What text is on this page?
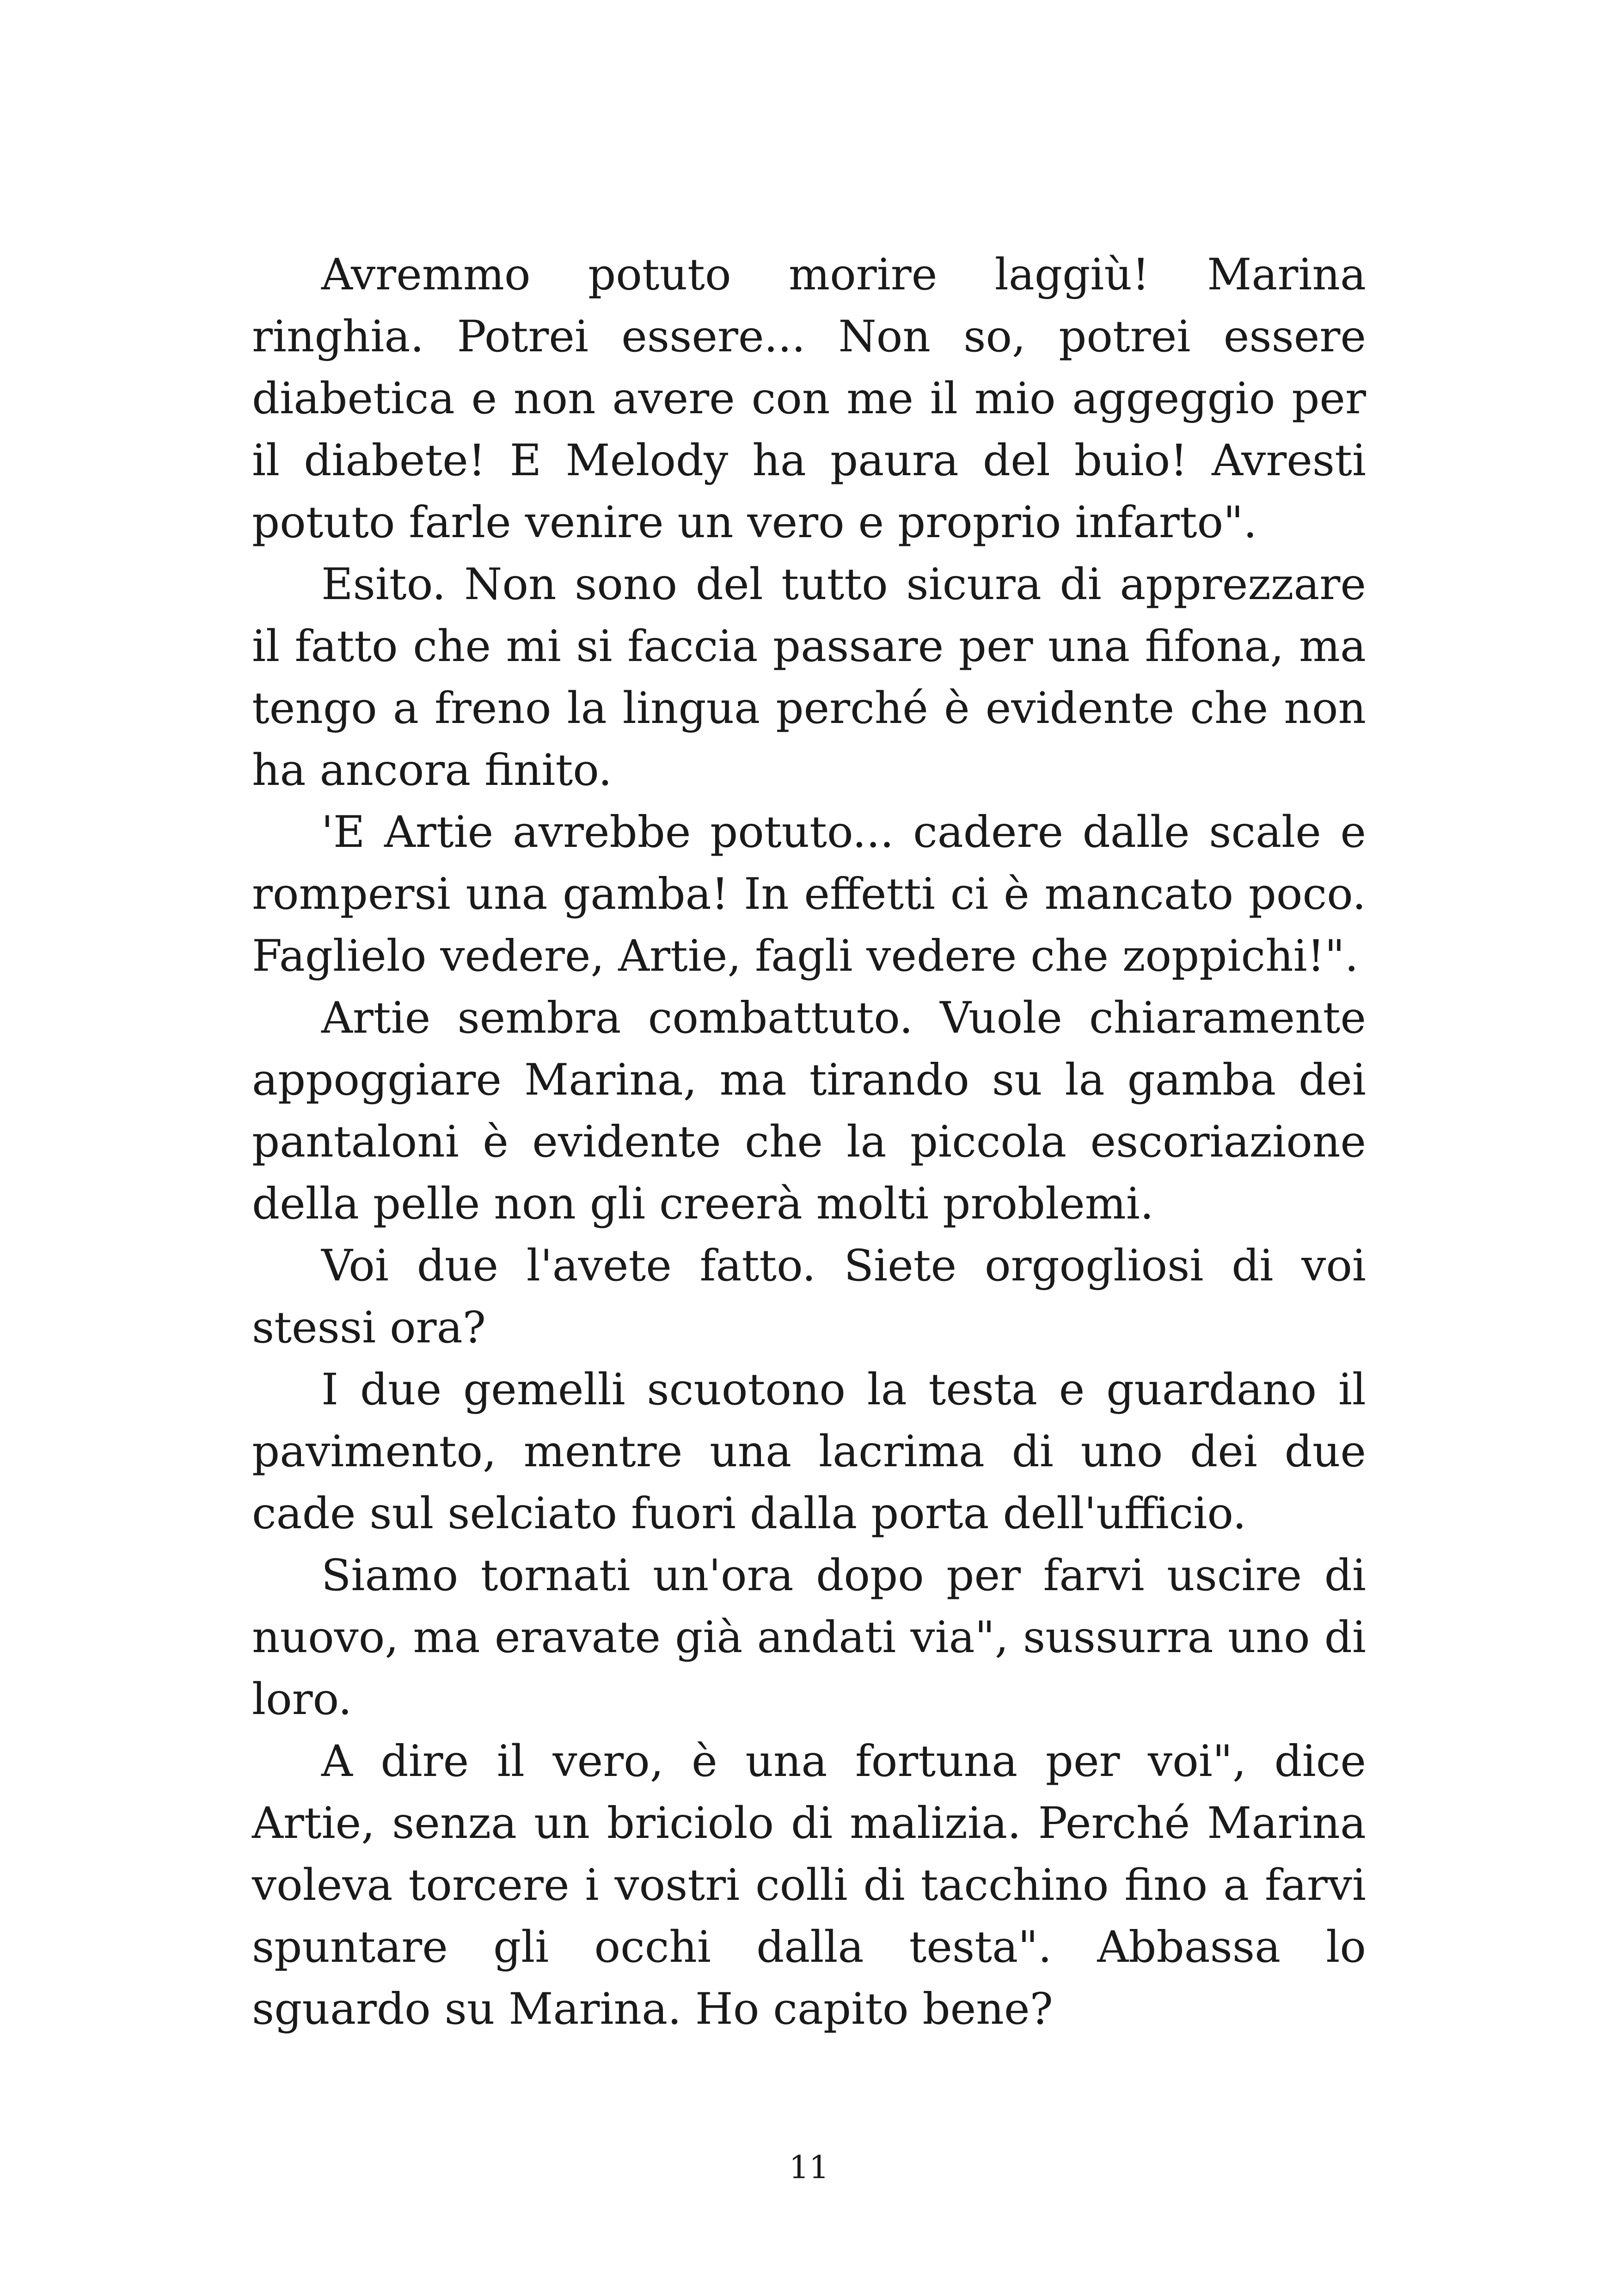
Avremmo potuto morire laggiù! Marina ringhia. Potrei essere... Non so, potrei essere diabetica e non avere con me il mio aggeggio per il diabete! E Melody ha paura del buio! Avresti potuto farle venire un vero e proprio infarto".

Esito. Non sono del tutto sicura di apprezzare il fatto che mi si faccia passare per una fifona, ma tengo a freno la lingua perché è evidente che non ha ancora finito.

'E Artie avrebbe potuto... cadere dalle scale e rompersi una gamba! In effetti ci è mancato poco. Faglielo vedere, Artie, fagli vedere che zoppichi!".

Artie sembra combattuto. Vuole chiaramente appoggiare Marina, ma tirando su la gamba dei pantaloni è evidente che la piccola escoriazione della pelle non gli creerà molti problemi.

Voi due l'avete fatto. Siete orgogliosi di voi stessi ora?

I due gemelli scuotono la testa e guardano il pavimento, mentre una lacrima di uno dei due cade sul selciato fuori dalla porta dell'ufficio.

Siamo tornati un'ora dopo per farvi uscire di nuovo, ma eravate già andati via", sussurra uno di loro.

A dire il vero, è una fortuna per voi", dice Artie, senza un briciolo di malizia. Perché Marina voleva torcere i vostri colli di tacchino fino a farvi spuntare gli occhi dalla testa". Abbassa lo sguardo su Marina. Ho capito bene?

11
